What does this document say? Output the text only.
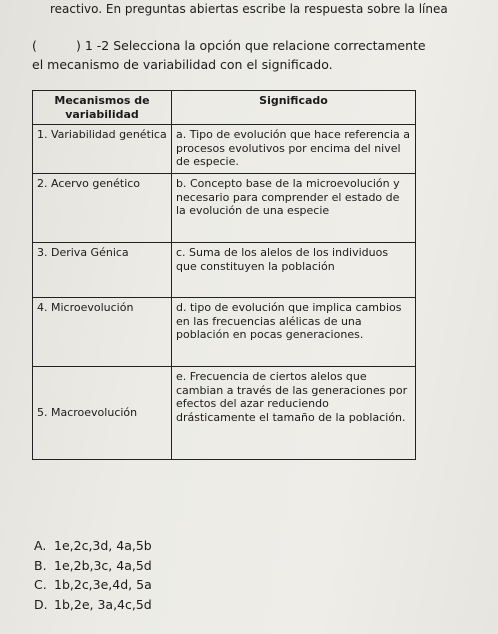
reactivo. En preguntas abiertas escribe la respuesta sobre la línea
(	) 1 -2 Selecciona la opción que relacione correctamente
el mecanismo de variabilidad con el significado.
Mecanismos de variabilidad	Significado
1. Variabilidad genética	a. Tipo de evolución que hace referencia a procesos evolutivos por encima del nivel de especie.
2. Acervo genético	b. Concepto base de la microevolución y necesario para comprender el estado de la evolución de una especie
3. Deriva Génica	c. Suma de los alelos de los individuos que constituyen la población
4. Microevolución	d. tipo de evolución que implica cambios en las frecuencias alélicas de una población en pocas generaciones.
5. Macroevolución	e. Frecuencia de ciertos alelos que cambian a través de las generaciones por efectos del azar reduciendo drásticamente el tamaño de la población.
A. 1e,2c,3d, 4a,5b
B. 1e,2b,3c, 4a,5d
C. 1b,2c,3e,4d, 5a
D. 1b,2e, 3a,4c,5d
